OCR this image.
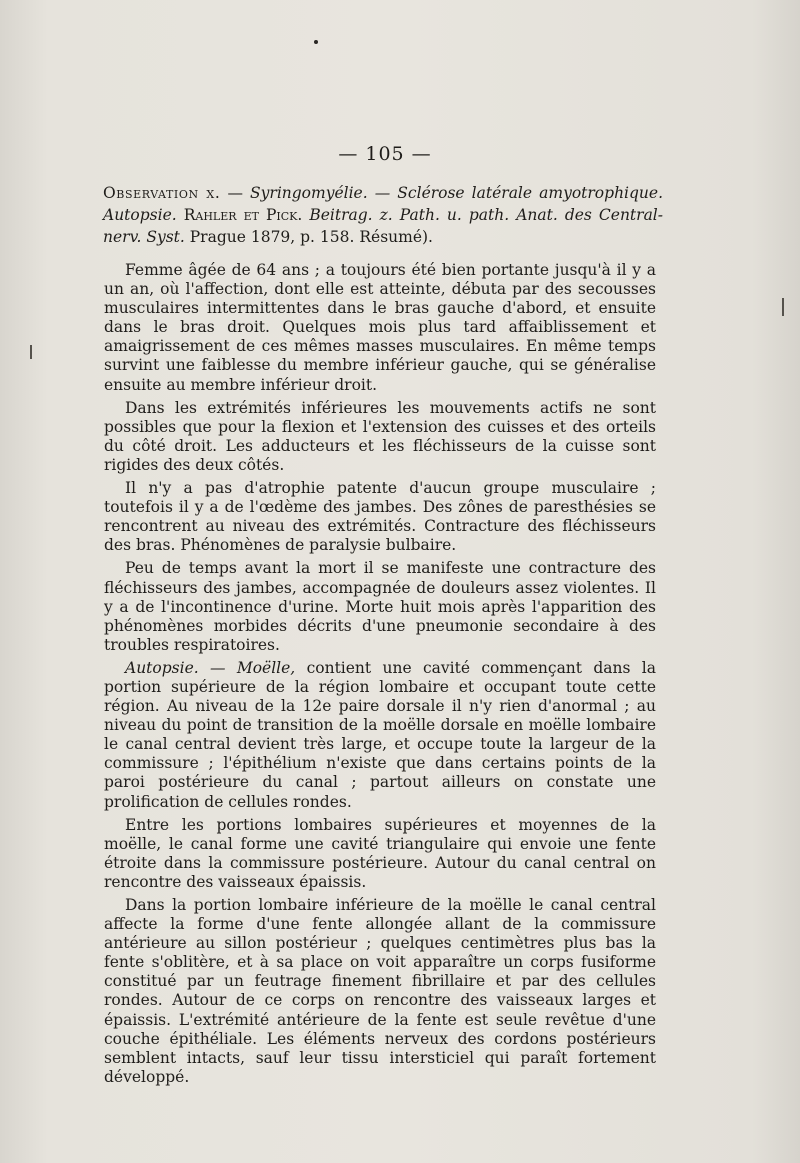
— 105 —
Observation x. — Syringomyélie. — Sclérose latérale amyotrophique. Autopsie. Rahler et Pick. Beitrag. z. Path. u. path. Anat. des Central-nerv. Syst. Prague 1879, p. 158. Résumé).

Femme âgée de 64 ans ; a toujours été bien portante jusqu'à il y a un an, où l'affection, dont elle est atteinte, débuta par des secousses musculaires intermittentes dans le bras gauche d'abord, et ensuite dans le bras droit. Quelques mois plus tard affaiblissement et amaigrissement de ces mêmes masses musculaires. En même temps survint une faiblesse du membre inférieur gauche, qui se généralise ensuite au membre inférieur droit.

Dans les extrémités inférieures les mouvements actifs ne sont possibles que pour la flexion et l'extension des cuisses et des orteils du côté droit. Les adducteurs et les fléchisseurs de la cuisse sont rigides des deux côtés.

Il n'y a pas d'atrophie patente d'aucun groupe musculaire ; toutefois il y a de l'œdème des jambes. Des zônes de paresthésies se rencontrent au niveau des extrémités. Contracture des fléchisseurs des bras. Phénomènes de paralysie bulbaire.

Peu de temps avant la mort il se manifeste une contracture des fléchisseurs des jambes, accompagnée de douleurs assez violentes. Il y a de l'incontinence d'urine. Morte huit mois après l'apparition des phénomènes morbides décrits d'une pneumonie secondaire à des troubles respiratoires.

Autopsie. — Moëlle, contient une cavité commençant dans la portion supérieure de la région lombaire et occupant toute cette région. Au niveau de la 12e paire dorsale il n'y rien d'anormal ; au niveau du point de transition de la moëlle dorsale en moëlle lombaire le canal central devient très large, et occupe toute la largeur de la commissure ; l'épithélium n'existe que dans certains points de la paroi postérieure du canal ; partout ailleurs on constate une prolification de cellules rondes.

Entre les portions lombaires supérieures et moyennes de la moëlle, le canal forme une cavité triangulaire qui envoie une fente étroite dans la commissure postérieure. Autour du canal central on rencontre des vaisseaux épaissis.

Dans la portion lombaire inférieure de la moëlle le canal central affecte la forme d'une fente allongée allant de la commissure antérieure au sillon postérieur ; quelques centimètres plus bas la fente s'oblitère, et à sa place on voit apparaître un corps fusiforme constitué par un feutrage finement fibrillaire et par des cellules rondes. Autour de ce corps on rencontre des vaisseaux larges et épaissis. L'extrémité antérieure de la fente est seule revêtue d'une couche épithéliale. Les éléments nerveux des cordons postérieurs semblent intacts, sauf leur tissu intersticiel qui paraît fortement développé.
